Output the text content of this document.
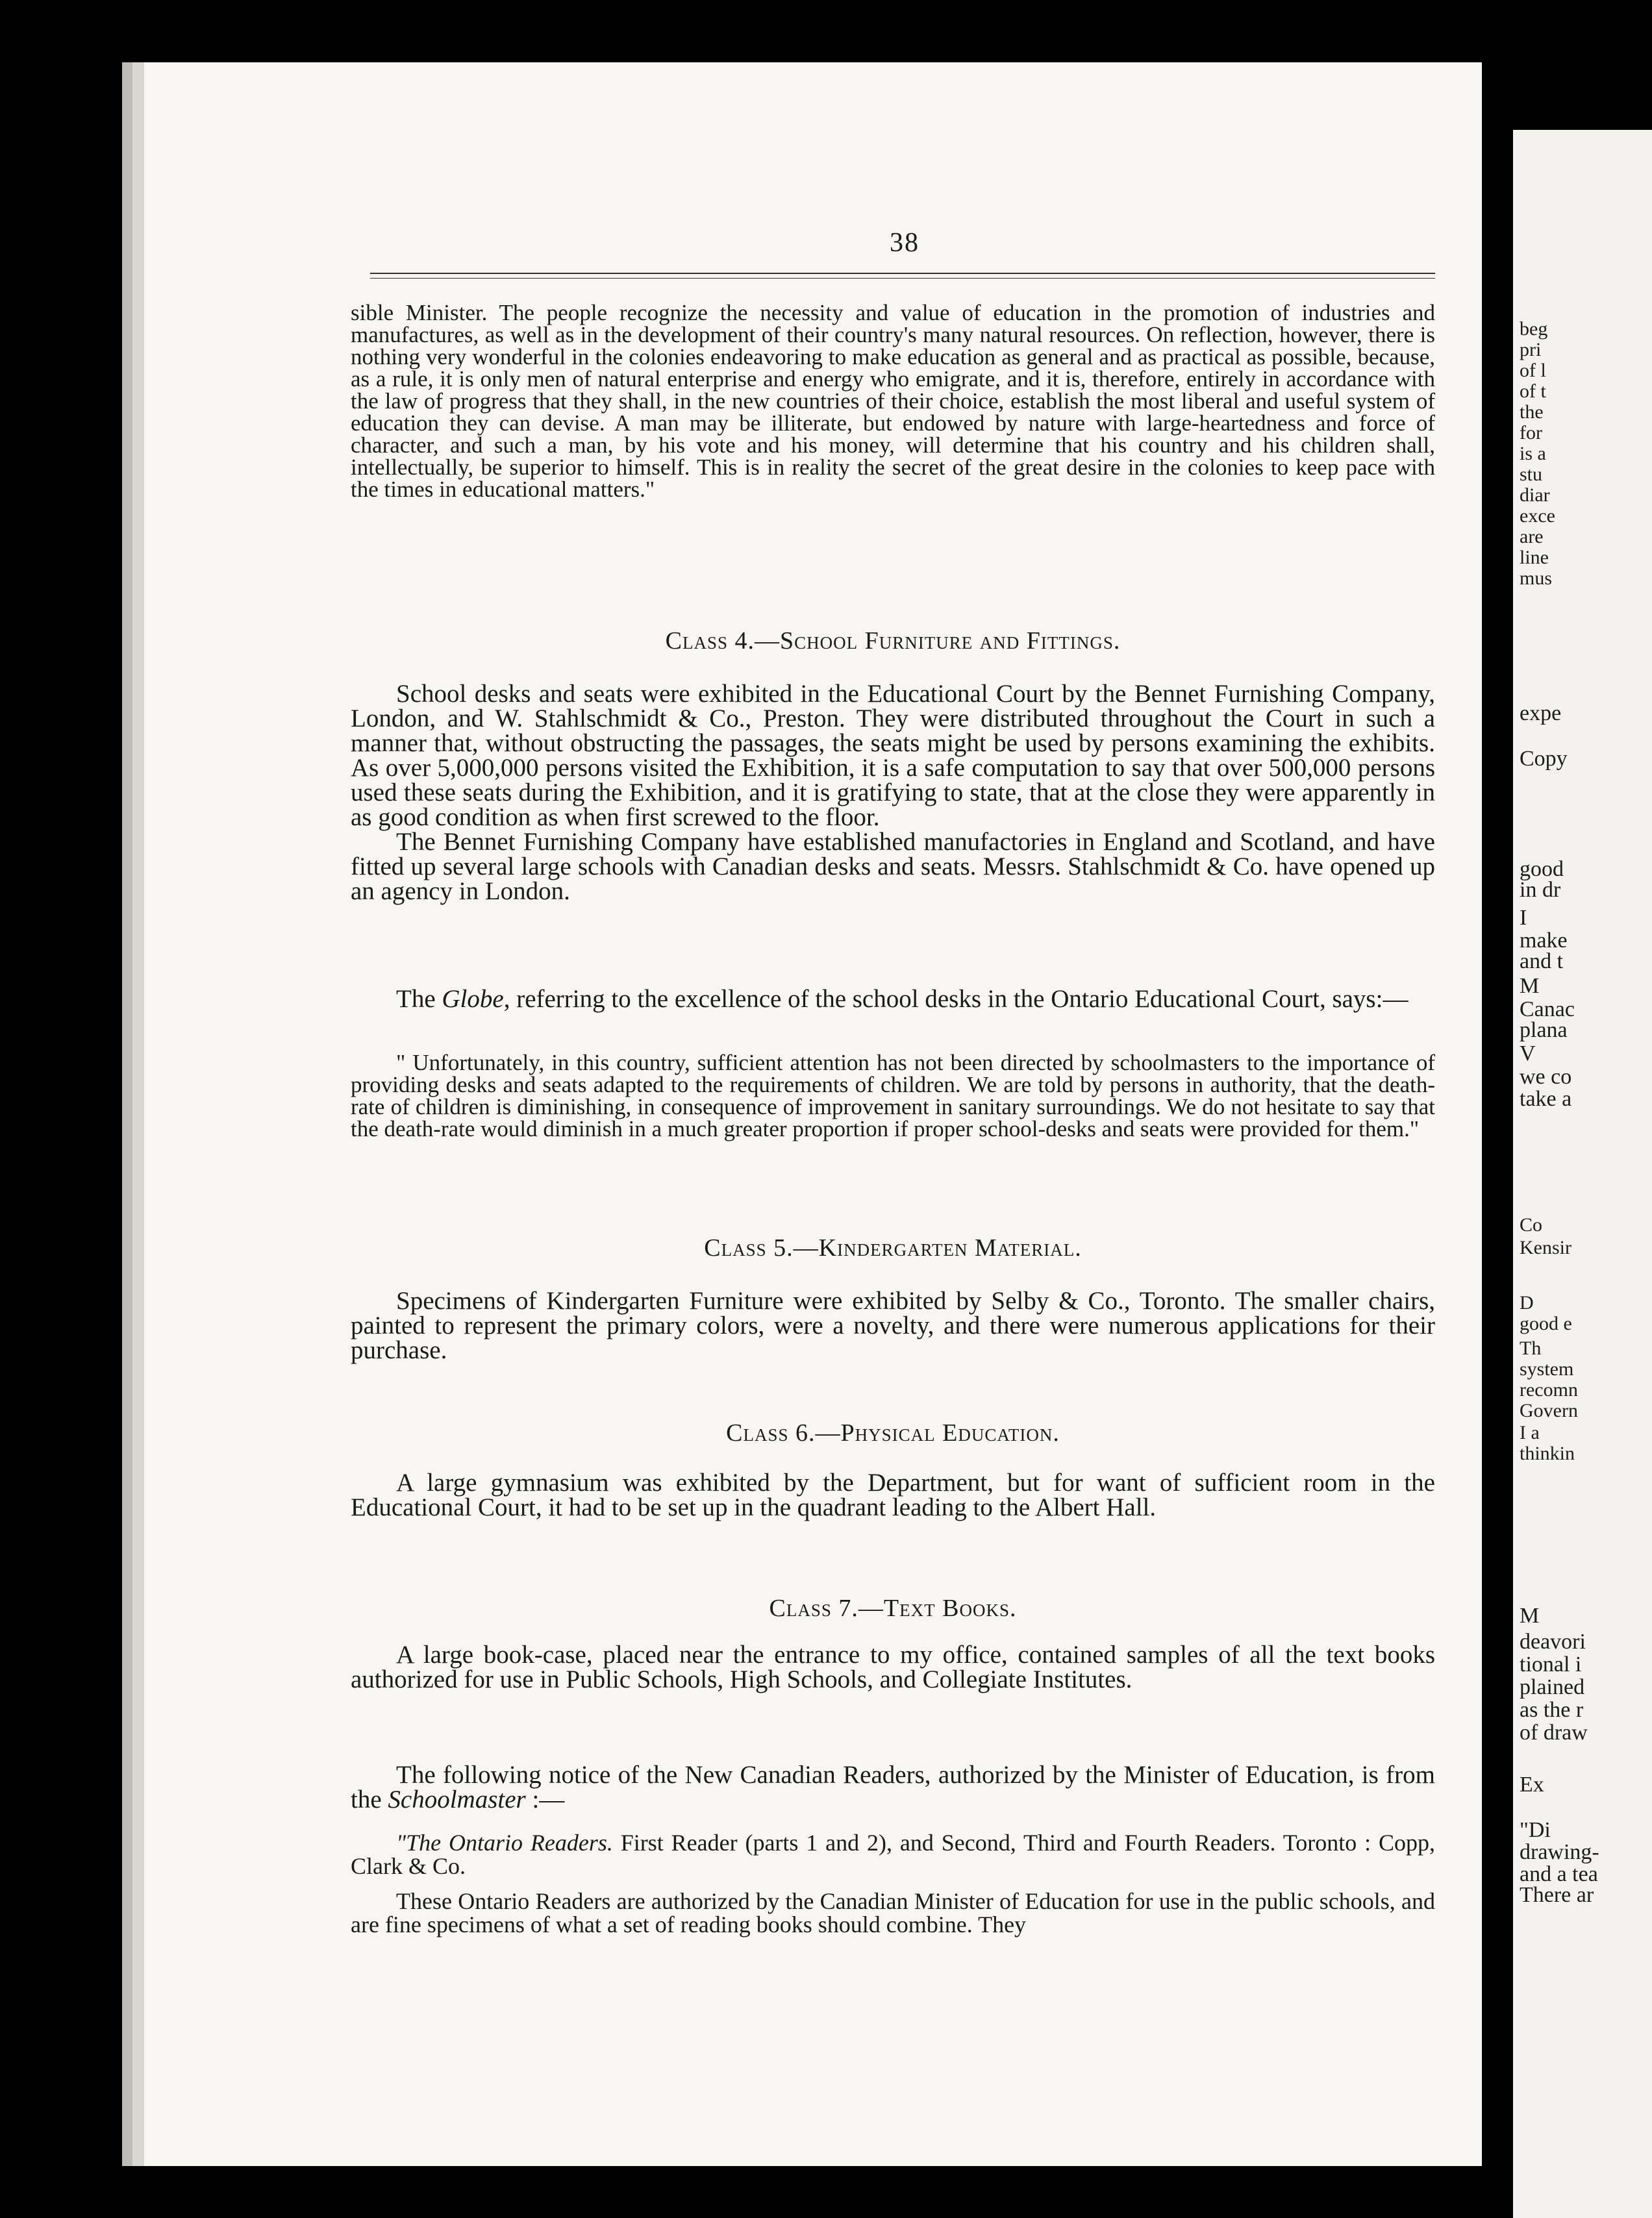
beg
pri
of l
of t
the
for
is a
stu
diar
exce
are
line
mus
expe
Copy
good
in dr
I
make
and t
M
Canac
plana
V
we co
take a
Co
Kensir
D
good e
Th
system
recomn
Govern
I a
thinkin
M
deavori
tional i
plained
as the r
of draw
Ex
"Di
drawing-
and a tea
There ar
38

sible Minister. The people recognize the necessity and value of education in the promotion of industries and manufactures, as well as in the development of their country's many natural resources. On reflection, however, there is nothing very wonderful in the colonies endeavoring to make education as general and as practical as possible, because, as a rule, it is only men of natural enterprise and energy who emigrate, and it is, therefore, entirely in accordance with the law of progress that they shall, in the new countries of their choice, establish the most liberal and useful system of education they can devise. A man may be illiterate, but endowed by nature with large-heartedness and force of character, and such a man, by his vote and his money, will determine that his country and his children shall, intellectually, be superior to himself. This is in reality the secret of the great desire in the colonies to keep pace with the times in educational matters."

Class 4.—School Furniture and Fittings.

School desks and seats were exhibited in the Educational Court by the Bennet Furnishing Company, London, and W. Stahlschmidt & Co., Preston. They were distributed throughout the Court in such a manner that, without obstructing the passages, the seats might be used by persons examining the exhibits. As over 5,000,000 persons visited the Exhibition, it is a safe computation to say that over 500,000 persons used these seats during the Exhibition, and it is gratifying to state, that at the close they were apparently in as good condition as when first screwed to the floor.

The Bennet Furnishing Company have established manufactories in England and Scotland, and have fitted up several large schools with Canadian desks and seats. Messrs. Stahlschmidt & Co. have opened up an agency in London.

The Globe, referring to the excellence of the school desks in the Ontario Educational Court, says:—

" Unfortunately, in this country, sufficient attention has not been directed by schoolmasters to the importance of providing desks and seats adapted to the requirements of children. We are told by persons in authority, that the death-rate of children is diminishing, in consequence of improvement in sanitary surroundings. We do not hesitate to say that the death-rate would diminish in a much greater proportion if proper school-desks and seats were provided for them."

Class 5.—Kindergarten Material.

Specimens of Kindergarten Furniture were exhibited by Selby & Co., Toronto. The smaller chairs, painted to represent the primary colors, were a novelty, and there were numerous applications for their purchase.

Class 6.—Physical Education.

A large gymnasium was exhibited by the Department, but for want of sufficient room in the Educational Court, it had to be set up in the quadrant leading to the Albert Hall.

Class 7.—Text Books.

A large book-case, placed near the entrance to my office, contained samples of all the text books authorized for use in Public Schools, High Schools, and Collegiate Institutes.

The following notice of the New Canadian Readers, authorized by the Minister of Education, is from the Schoolmaster :—

"The Ontario Readers. First Reader (parts 1 and 2), and Second, Third and Fourth Readers. Toronto : Copp, Clark & Co.

These Ontario Readers are authorized by the Canadian Minister of Education for use in the public schools, and are fine specimens of what a set of reading books should combine. They
